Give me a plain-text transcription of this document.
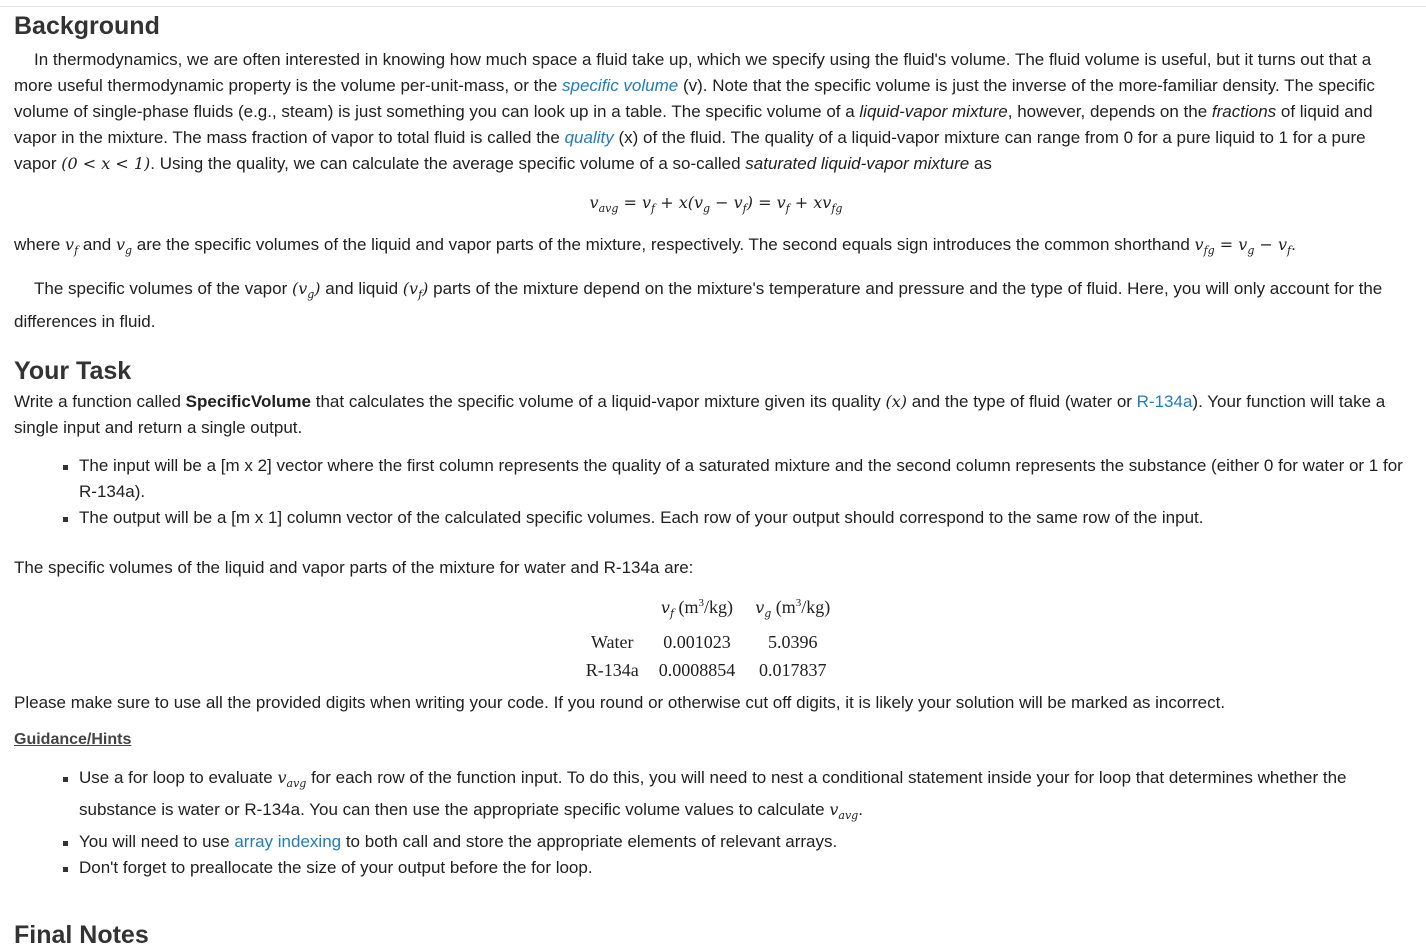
Background

In thermodynamics, we are often interested in knowing how much space a fluid take up, which we specify using the fluid's volume. The fluid volume is useful, but it turns out that a more useful thermodynamic property is the volume per-unit-mass, or the specific volume (v). Note that the specific volume is just the inverse of the more-familiar density. The specific volume of single-phase fluids (e.g., steam) is just something you can look up in a table. The specific volume of a liquid-vapor mixture, however, depends on the fractions of liquid and vapor in the mixture. The mass fraction of vapor to total fluid is called the quality (x) of the fluid. The quality of a liquid-vapor mixture can range from 0 for a pure liquid to 1 for a pure vapor (0 < x < 1). Using the quality, we can calculate the average specific volume of a so-called saturated liquid-vapor mixture as

$v_{avg} = v_f + x(v_g - v_f) = v_f + xv_{fg}$

where $v_f$ and $v_g$ are the specific volumes of the liquid and vapor parts of the mixture, respectively. The second equals sign introduces the common shorthand $v_{fg} = v_g - v_f$.

The specific volumes of the vapor $(v_g)$ and liquid $(v_f)$ parts of the mixture depend on the mixture's temperature and pressure and the type of fluid. Here, you will only account for the differences in fluid.

Your Task

Write a function called SpecificVolume that calculates the specific volume of a liquid-vapor mixture given its quality (x) and the type of fluid (water or R-134a). Your function will take a single input and return a single output.

The input will be a [m x 2] vector where the first column represents the quality of a saturated mixture and the second column represents the substance (either 0 for water or 1 for R-134a).
The output will be a [m x 1] column vector of the calculated specific volumes. Each row of your output should correspond to the same row of the input.

The specific volumes of the liquid and vapor parts of the mixture for water and R-134a are:

	$v_f$ $(m^3/kg)$	$v_g$ $(m^3/kg)$
Water	0.001023	5.0396
R-134a	0.0008854	0.017837

Please make sure to use all the provided digits when writing your code. If you round or otherwise cut off digits, it is likely your solution will be marked as incorrect.

Guidance/Hints

Use a for loop to evaluate $v_{avg}$ for each row of the function input. To do this, you will need to nest a conditional statement inside your for loop that determines whether the substance is water or R-134a. You can then use the appropriate specific volume values to calculate $v_{avg}$.
You will need to use array indexing to both call and store the appropriate elements of relevant arrays.
Don't forget to preallocate the size of your output before the for loop.
Final Notes
